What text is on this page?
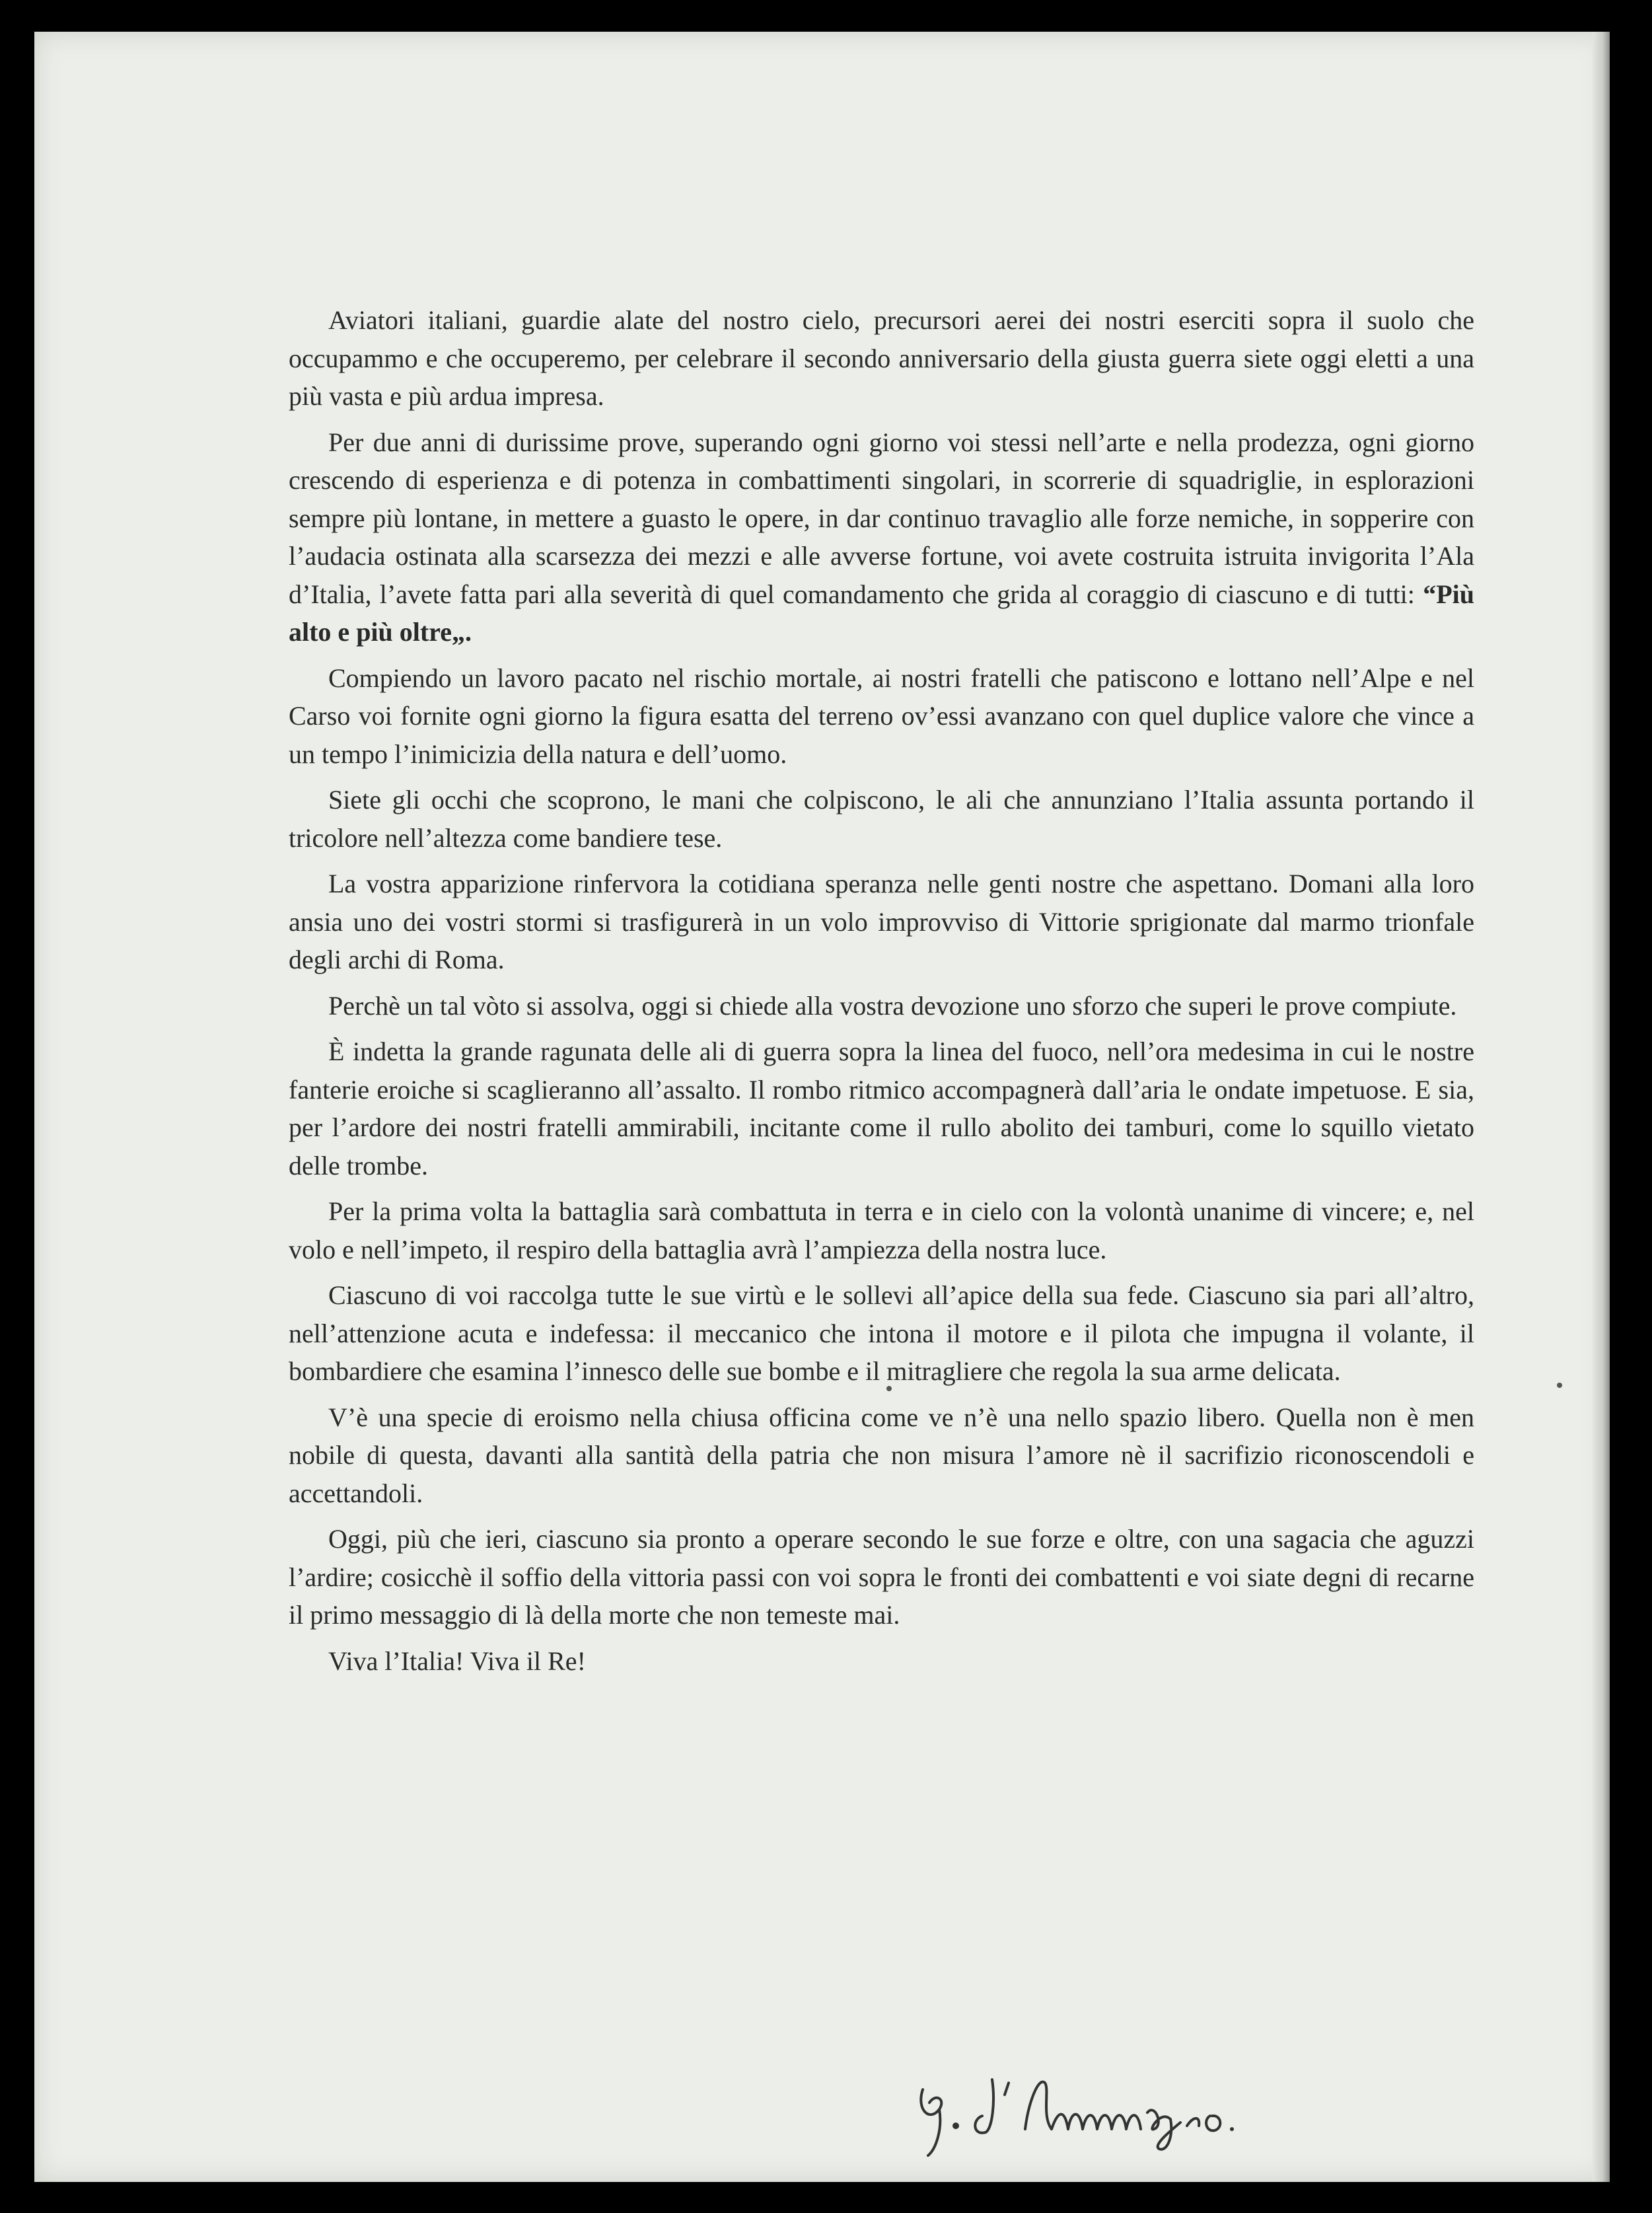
Aviatori italiani, guardie alate del nostro cielo, precursori aerei dei nostri eserciti sopra il suolo che occupammo e che occuperemo, per celebrare il secondo anniversario della giusta guerra siete oggi eletti a una più vasta e più ardua impresa.

Per due anni di durissime prove, superando ogni giorno voi stessi nell’arte e nella prodezza, ogni giorno crescendo di esperienza e di potenza in combattimenti singolari, in scorrerie di squadriglie, in esplorazioni sempre più lontane, in mettere a guasto le opere, in dar continuo travaglio alle forze nemiche, in sopperire con l’audacia ostinata alla scarsezza dei mezzi e alle avverse fortune, voi avete costruita istruita invigorita l’Ala d’Italia, l’avete fatta pari alla severità di quel comandamento che grida al coraggio di ciascuno e di tutti: “Più alto e più oltre„.

Compiendo un lavoro pacato nel rischio mortale, ai nostri fratelli che patiscono e lottano nell’Alpe e nel Carso voi fornite ogni giorno la figura esatta del terreno ov’essi avanzano con quel duplice valore che vince a un tempo l’inimicizia della natura e dell’uomo.

Siete gli occhi che scoprono, le mani che colpiscono, le ali che annunziano l’Italia assunta portando il tricolore nell’altezza come bandiere tese.

La vostra apparizione rinfervora la cotidiana speranza nelle genti nostre che aspettano. Domani alla loro ansia uno dei vostri stormi si trasfigurerà in un volo improvviso di Vittorie sprigionate dal marmo trionfale degli archi di Roma.

Perchè un tal vòto si assolva, oggi si chiede alla vostra devozione uno sforzo che superi le prove compiute.

È indetta la grande ragunata delle ali di guerra sopra la linea del fuoco, nell’ora medesima in cui le nostre fanterie eroiche si scaglieranno all’assalto. Il rombo ritmico accompagnerà dall’aria le ondate impetuose. E sia, per l’ardore dei nostri fratelli ammirabili, incitante come il rullo abolito dei tamburi, come lo squillo vietato delle trombe.

Per la prima volta la battaglia sarà combattuta in terra e in cielo con la volontà unanime di vincere; e, nel volo e nell’impeto, il respiro della battaglia avrà l’ampiezza della nostra luce.

Ciascuno di voi raccolga tutte le sue virtù e le sollevi all’apice della sua fede. Ciascuno sia pari all’altro, nell’attenzione acuta e indefessa: il meccanico che intona il motore e il pilota che impugna il volante, il bombardiere che esamina l’innesco delle sue bombe e il mitragliere che regola la sua arme delicata.

V’è una specie di eroismo nella chiusa officina come ve n’è una nello spazio libero. Quella non è men nobile di questa, davanti alla santità della patria che non misura l’amore nè il sacrifizio riconoscendoli e accettandoli.

Oggi, più che ieri, ciascuno sia pronto a operare secondo le sue forze e oltre, con una sagacia che aguzzi l’ardire; cosicchè il soffio della vittoria passi con voi sopra le fronti dei combattenti e voi siate degni di recarne il primo messaggio di là della morte che non temeste mai.

Viva l’Italia! Viva il Re!
